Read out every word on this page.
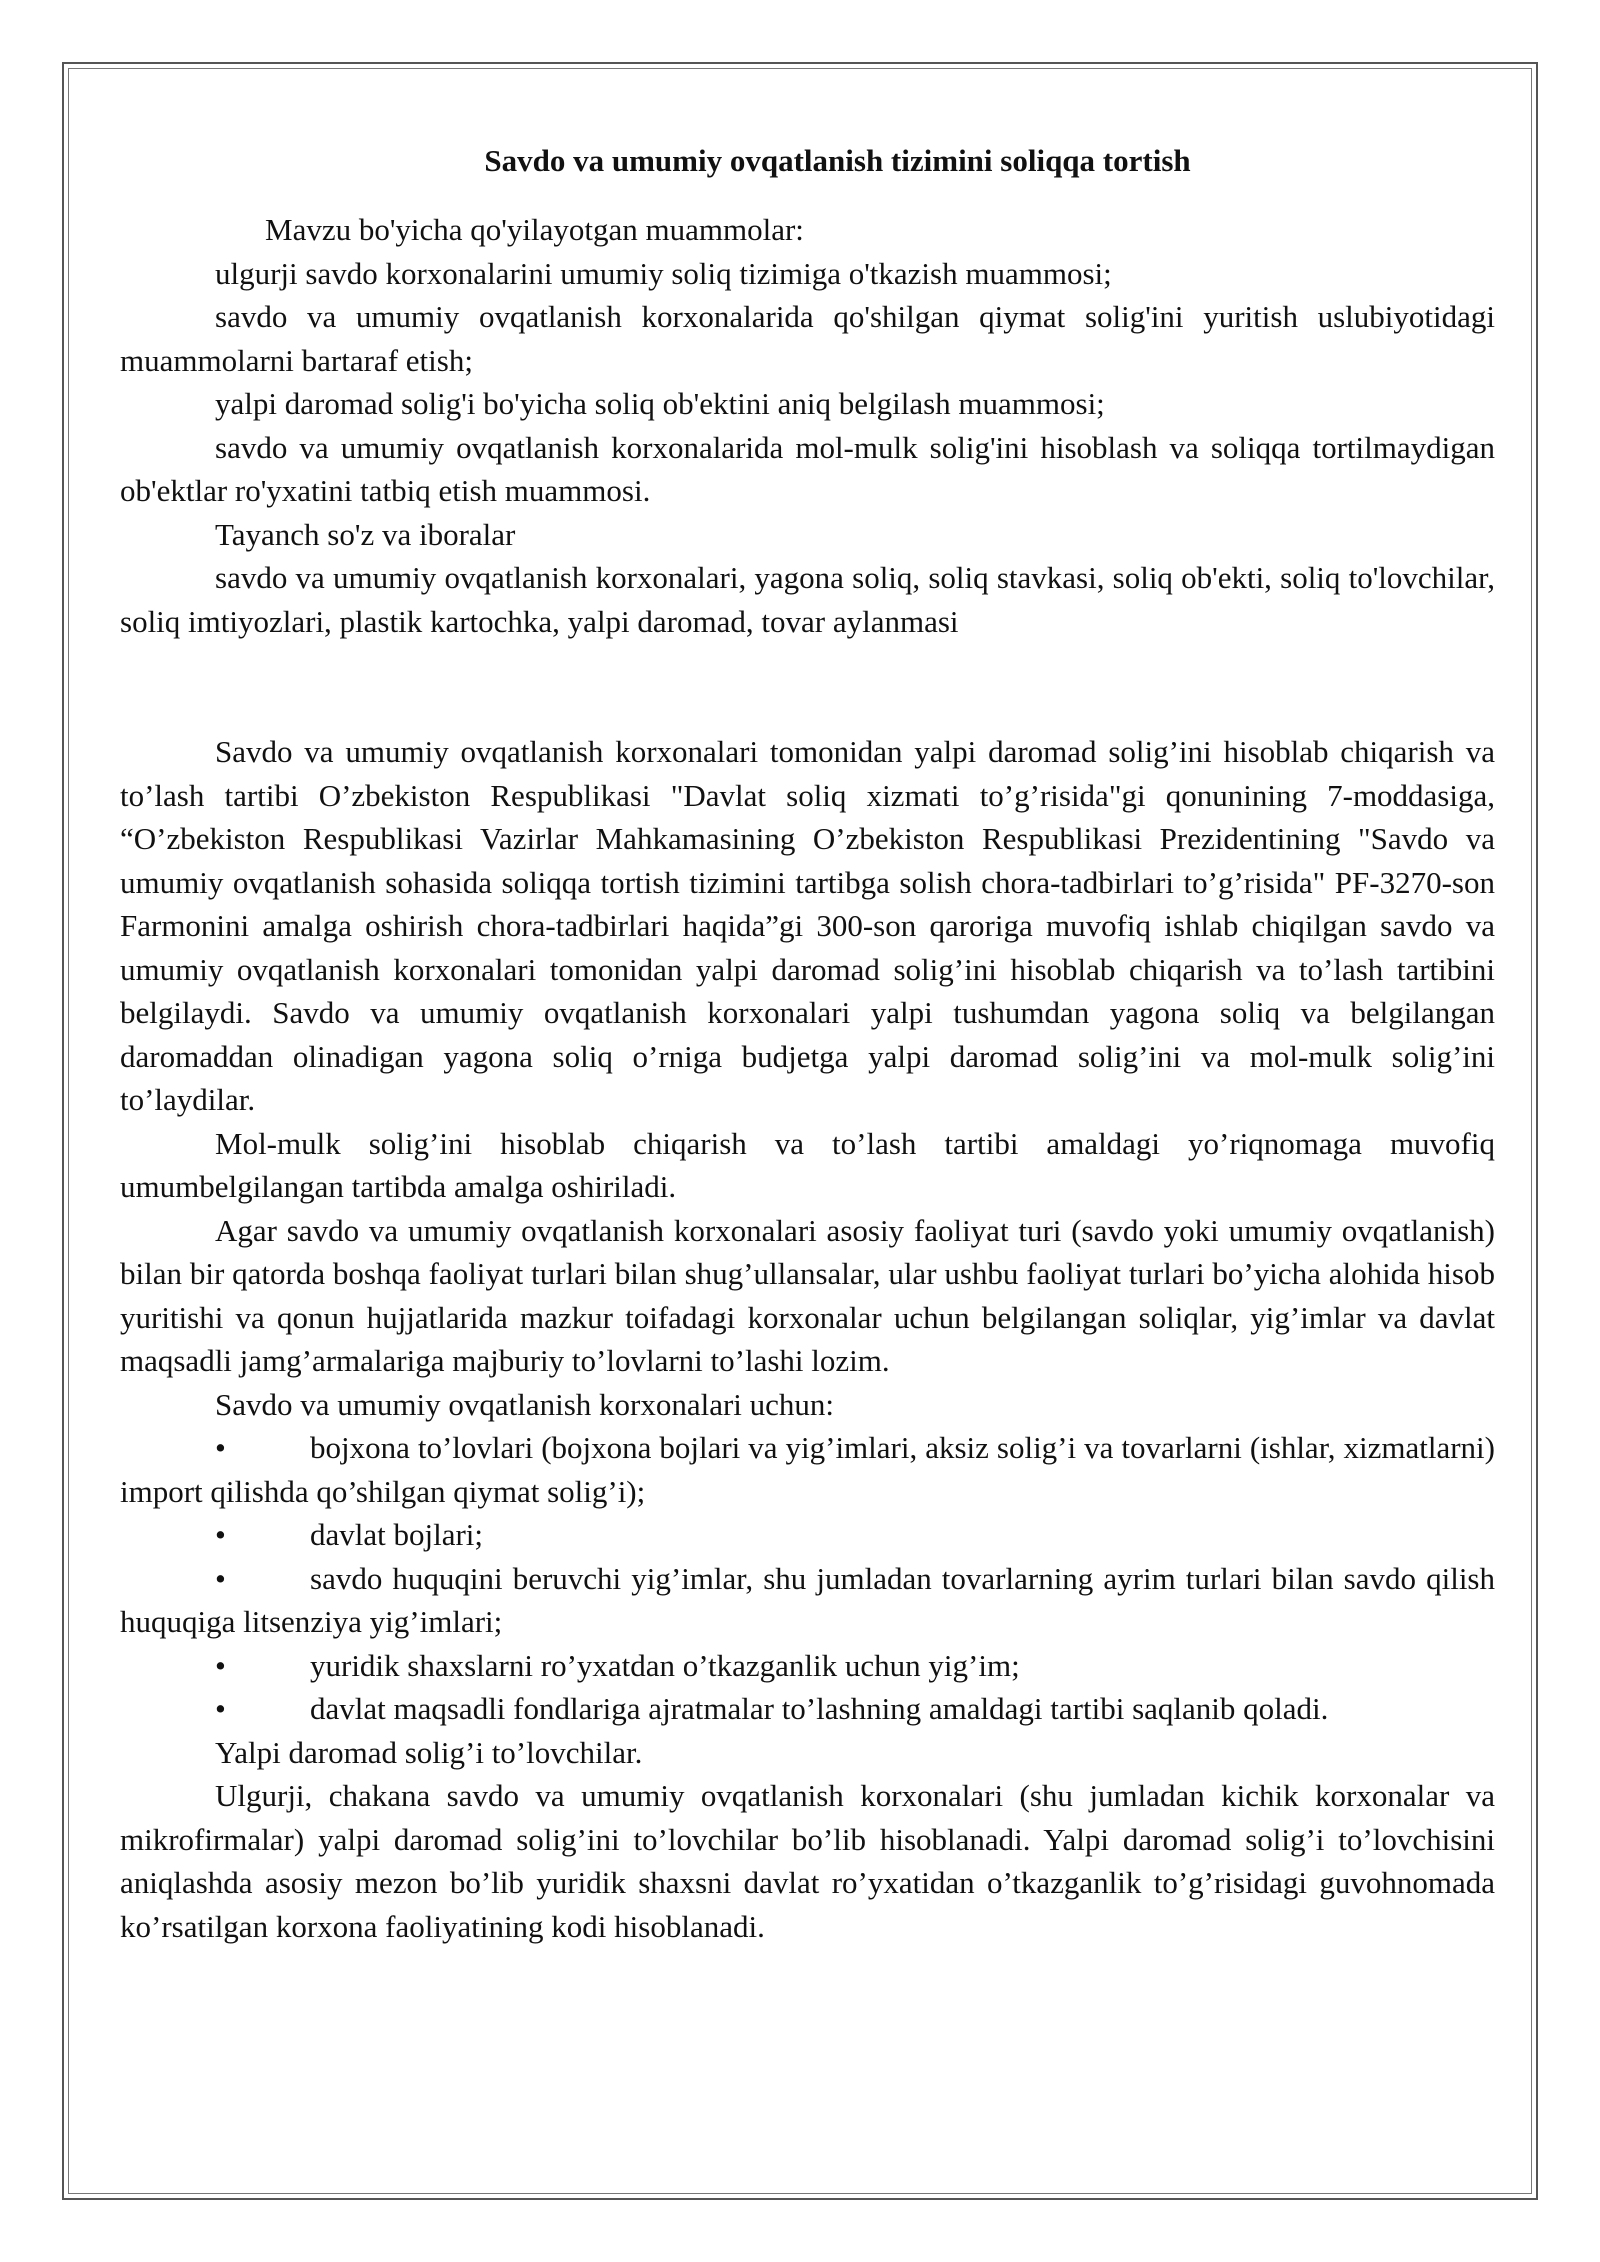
Savdo va umumiy ovqatlanish tizimini soliqqa tortish

Mavzu bo'yicha qo'yilayotgan muammolar:

ulgurji savdo korxonalarini umumiy soliq tizimiga o'tkazish muammosi;

savdo va umumiy ovqatlanish korxonalarida qo'shilgan qiymat solig'ini yuritish uslubiyotidagi muammolarni bartaraf etish;

yalpi daromad solig'i bo'yicha soliq ob'ektini aniq belgilash muammosi;

savdo va umumiy ovqatlanish korxonalarida mol-mulk solig'ini hisoblash va soliqqa tortilmaydigan ob'ektlar ro'yxatini tatbiq etish muammosi.

Tayanch so'z va iboralar

savdo va umumiy ovqatlanish korxonalari, yagona soliq, soliq stavkasi, soliq ob'ekti, soliq to'lovchilar, soliq imtiyozlari, plastik kartochka, yalpi daromad, tovar aylanmasi

Savdo va umumiy ovqatlanish korxonalari tomonidan yalpi daromad solig’ini hisoblab chiqarish va to’lash tartibi O’zbekiston Respublikasi "Davlat soliq xizmati to’g’risida"gi qonunining 7-moddasiga, “O’zbekiston Respublikasi Vazirlar Mahkamasining O’zbekiston Respublikasi Prezidentining "Savdo va umumiy ovqatlanish sohasida soliqqa tortish tizimini tartibga solish chora-tadbirlari to’g’risida" PF-3270-son Farmonini amalga oshirish chora-tadbirlari haqida”gi 300-son qaroriga muvofiq ishlab chiqilgan savdo va umumiy ovqatlanish korxonalari tomonidan yalpi daromad solig’ini hisoblab chiqarish va to’lash tartibini belgilaydi. Savdo va umumiy ovqatlanish korxonalari yalpi tushumdan yagona soliq va belgilangan daromaddan olinadigan yagona soliq o’rniga budjetga yalpi daromad solig’ini va mol-mulk solig’ini to’laydilar.

Mol-mulk solig’ini hisoblab chiqarish va to’lash tartibi amaldagi yo’riqnomaga muvofiq umumbelgilangan tartibda amalga oshiriladi.

Agar savdo va umumiy ovqatlanish korxonalari asosiy faoliyat turi (savdo yoki umumiy ovqatlanish) bilan bir qatorda boshqa faoliyat turlari bilan shug’ullansalar, ular ushbu faoliyat turlari bo’yicha alohida hisob yuritishi va qonun hujjatlarida mazkur toifadagi korxonalar uchun belgilangan soliqlar, yig’imlar va davlat maqsadli jamg’armalariga majburiy to’lovlarni to’lashi lozim.

Savdo va umumiy ovqatlanish korxonalari uchun:

•	bojxona to’lovlari (bojxona bojlari va yig’imlari, aksiz solig’i va tovarlarni (ishlar, xizmatlarni) import qilishda qo’shilgan qiymat solig’i);

•	davlat bojlari;

•	savdo huquqini beruvchi yig’imlar, shu jumladan tovarlarning ayrim turlari bilan savdo qilish huquqiga litsenziya yig’imlari;

•	yuridik shaxslarni ro’yxatdan o’tkazganlik uchun yig’im;

•	davlat maqsadli fondlariga ajratmalar to’lashning amaldagi tartibi saqlanib qoladi.

Yalpi daromad solig’i to’lovchilar.

Ulgurji, chakana savdo va umumiy ovqatlanish korxonalari (shu jumladan kichik korxonalar va mikrofirmalar) yalpi daromad solig’ini to’lovchilar bo’lib hisoblanadi. Yalpi daromad solig’i to’lovchisini aniqlashda asosiy mezon bo’lib yuridik shaxsni davlat ro’yxatidan o’tkazganlik to’g’risidagi guvohnomada ko’rsatilgan korxona faoliyatining kodi hisoblanadi.
